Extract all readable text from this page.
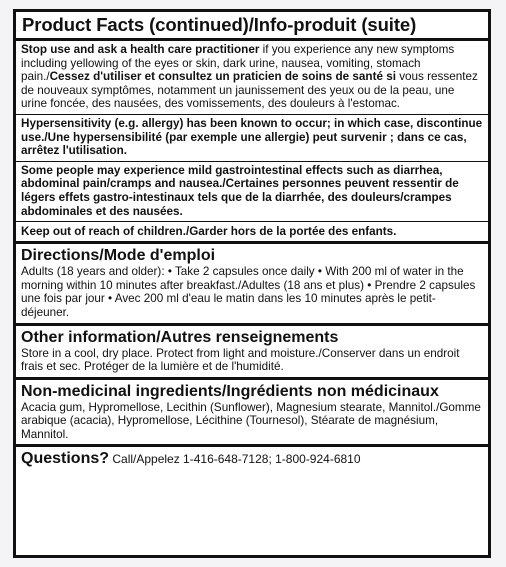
Product Facts (continued)/Info-produit (suite)
Stop use and ask a health care practitioner if you experience any new symptoms including yellowing of the eyes or skin, dark urine, nausea, vomiting, stomach pain./Cessez d'utiliser et consultez un praticien de soins de santé si vous ressentez de nouveaux symptômes, notamment un jaunissement des yeux ou de la peau, une urine foncée, des nausées, des vomissements, des douleurs à l'estomac.
Hypersensitivity (e.g. allergy) has been known to occur; in which case, discontinue use./Une hypersensibilité (par exemple une allergie) peut survenir ; dans ce cas, arrêtez l'utilisation.
Some people may experience mild gastrointestinal effects such as diarrhea, abdominal pain/cramps and nausea./Certaines personnes peuvent ressentir de légers effets gastro-intestinaux tels que de la diarrhée, des douleurs/crampes abdominales et des nausées.
Keep out of reach of children./Garder hors de la portée des enfants.
Directions/Mode d'emploi
Adults (18 years and older): • Take 2 capsules once daily • With 200 ml of water in the morning within 10 minutes after breakfast./Adultes (18 ans et plus) • Prendre 2 capsules une fois par jour • Avec 200 ml d'eau le matin dans les 10 minutes après le petit-déjeuner.
Other information/Autres renseignements
Store in a cool, dry place. Protect from light and moisture./Conserver dans un endroit frais et sec. Protéger de la lumière et de l'humidité.
Non-medicinal ingredients/Ingrédients non médicinaux
Acacia gum, Hypromellose, Lecithin (Sunflower), Magnesium stearate, Mannitol./Gomme arabique (acacia), Hypromellose, Lécithine (Tournesol), Stéarate de magnésium, Mannitol.
Questions? Call/Appelez 1-416-648-7128; 1-800-924-6810
